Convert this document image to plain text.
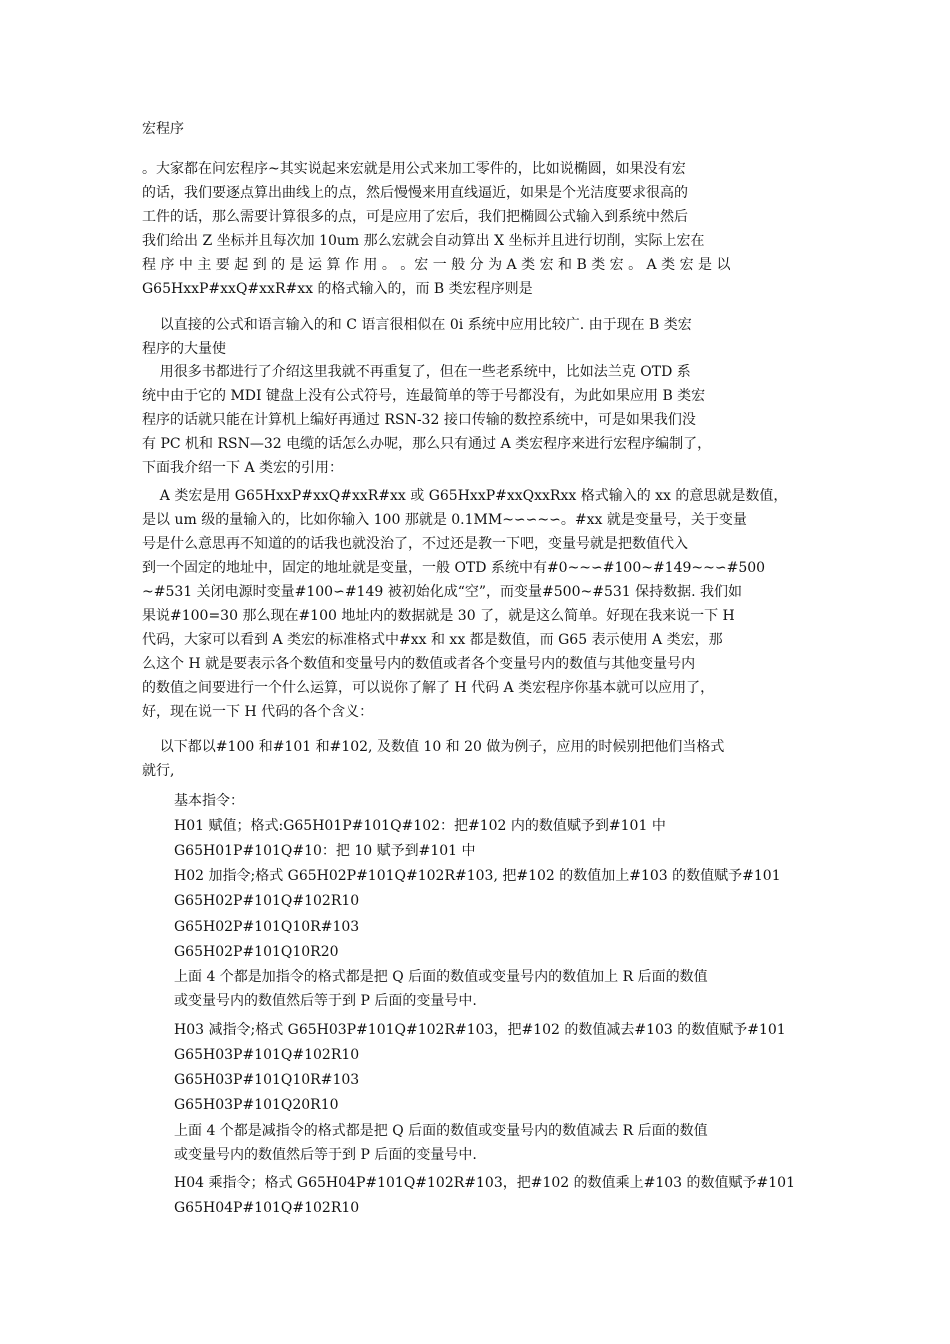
宏程序
。大家都在问宏程序~其实说起来宏就是用公式来加工零件的，比如说椭圆，如果没有宏
的话，我们要逐点算出曲线上的点，然后慢慢来用直线逼近，如果是个光洁度要求很高的
工件的话，那么需要计算很多的点，可是应用了宏后，我们把椭圆公式输入到系统中然后
我们给出 Z 坐标并且每次加 10um 那么宏就会自动算出 X 坐标并且进行切削，实际上宏在
程 序 中 主 要 起 到 的 是 运 算 作 用 。 。宏 一 般 分 为 A 类 宏 和 B 类 宏 。 A 类 宏 是 以
G65HxxP#xxQ#xxR#xx 的格式输入的，而 B 类宏程序则是
以直接的公式和语言输入的和 C 语言很相似在 0i 系统中应用比较广. 由于现在 B 类宏
程序的大量使
用很多书都进行了介绍这里我就不再重复了，但在一些老系统中，比如法兰克 OTD 系
统中由于它的 MDI 键盘上没有公式符号，连最简单的等于号都没有，为此如果应用 B 类宏
程序的话就只能在计算机上编好再通过 RSN-32 接口传输的数控系统中，可是如果我们没
有 PC 机和 RSN—32 电缆的话怎么办呢，那么只有通过 A 类宏程序来进行宏程序编制了，
下面我介绍一下 A 类宏的引用：
A 类宏是用 G65HxxP#xxQ#xxR#xx 或 G65HxxP#xxQxxRxx 格式输入的 xx 的意思就是数值，
是以 um 级的量输入的，比如你输入 100 那就是 0.1MM~∽∽~∽。#xx 就是变量号，关于变量
号是什么意思再不知道的的话我也就没治了，不过还是教一下吧，变量号就是把数值代入
到一个固定的地址中，固定的地址就是变量，一般 OTD 系统中有#0~~∽#100~#149~~∽#500
~#531 关闭电源时变量#100∽#149 被初始化成“空”，而变量#500~#531 保持数据. 我们如
果说#100=30 那么现在#100 地址内的数据就是 30 了，就是这么简单。好现在我来说一下 H
代码，大家可以看到 A 类宏的标准格式中#xx 和 xx 都是数值，而 G65 表示使用 A 类宏，那
么这个 H 就是要表示各个数值和变量号内的数值或者各个变量号内的数值与其他变量号内
的数值之间要进行一个什么运算，可以说你了解了 H 代码 A 类宏程序你基本就可以应用了，
好，现在说一下 H 代码的各个含义：
以下都以#100 和#101 和#102, 及数值 10 和 20 做为例子，应用的时候别把他们当格式
就行,
基本指令：
H01 赋值；格式:G65H01P#101Q#102：把#102 内的数值赋予到#101 中
G65H01P#101Q#10：把 10 赋予到#101 中
H02 加指令;格式 G65H02P#101Q#102R#103, 把#102 的数值加上#103 的数值赋予#101
G65H02P#101Q#102R10
G65H02P#101Q10R#103
G65H02P#101Q10R20
上面 4 个都是加指令的格式都是把 Q 后面的数值或变量号内的数值加上 R 后面的数值
或变量号内的数值然后等于到 P 后面的变量号中.
H03 减指令;格式 G65H03P#101Q#102R#103，把#102 的数值减去#103 的数值赋予#101
G65H03P#101Q#102R10
G65H03P#101Q10R#103
G65H03P#101Q20R10
上面 4 个都是减指令的格式都是把 Q 后面的数值或变量号内的数值减去 R 后面的数值
或变量号内的数值然后等于到 P 后面的变量号中.
H04 乘指令；格式 G65H04P#101Q#102R#103，把#102 的数值乘上#103 的数值赋予#101
G65H04P#101Q#102R10
